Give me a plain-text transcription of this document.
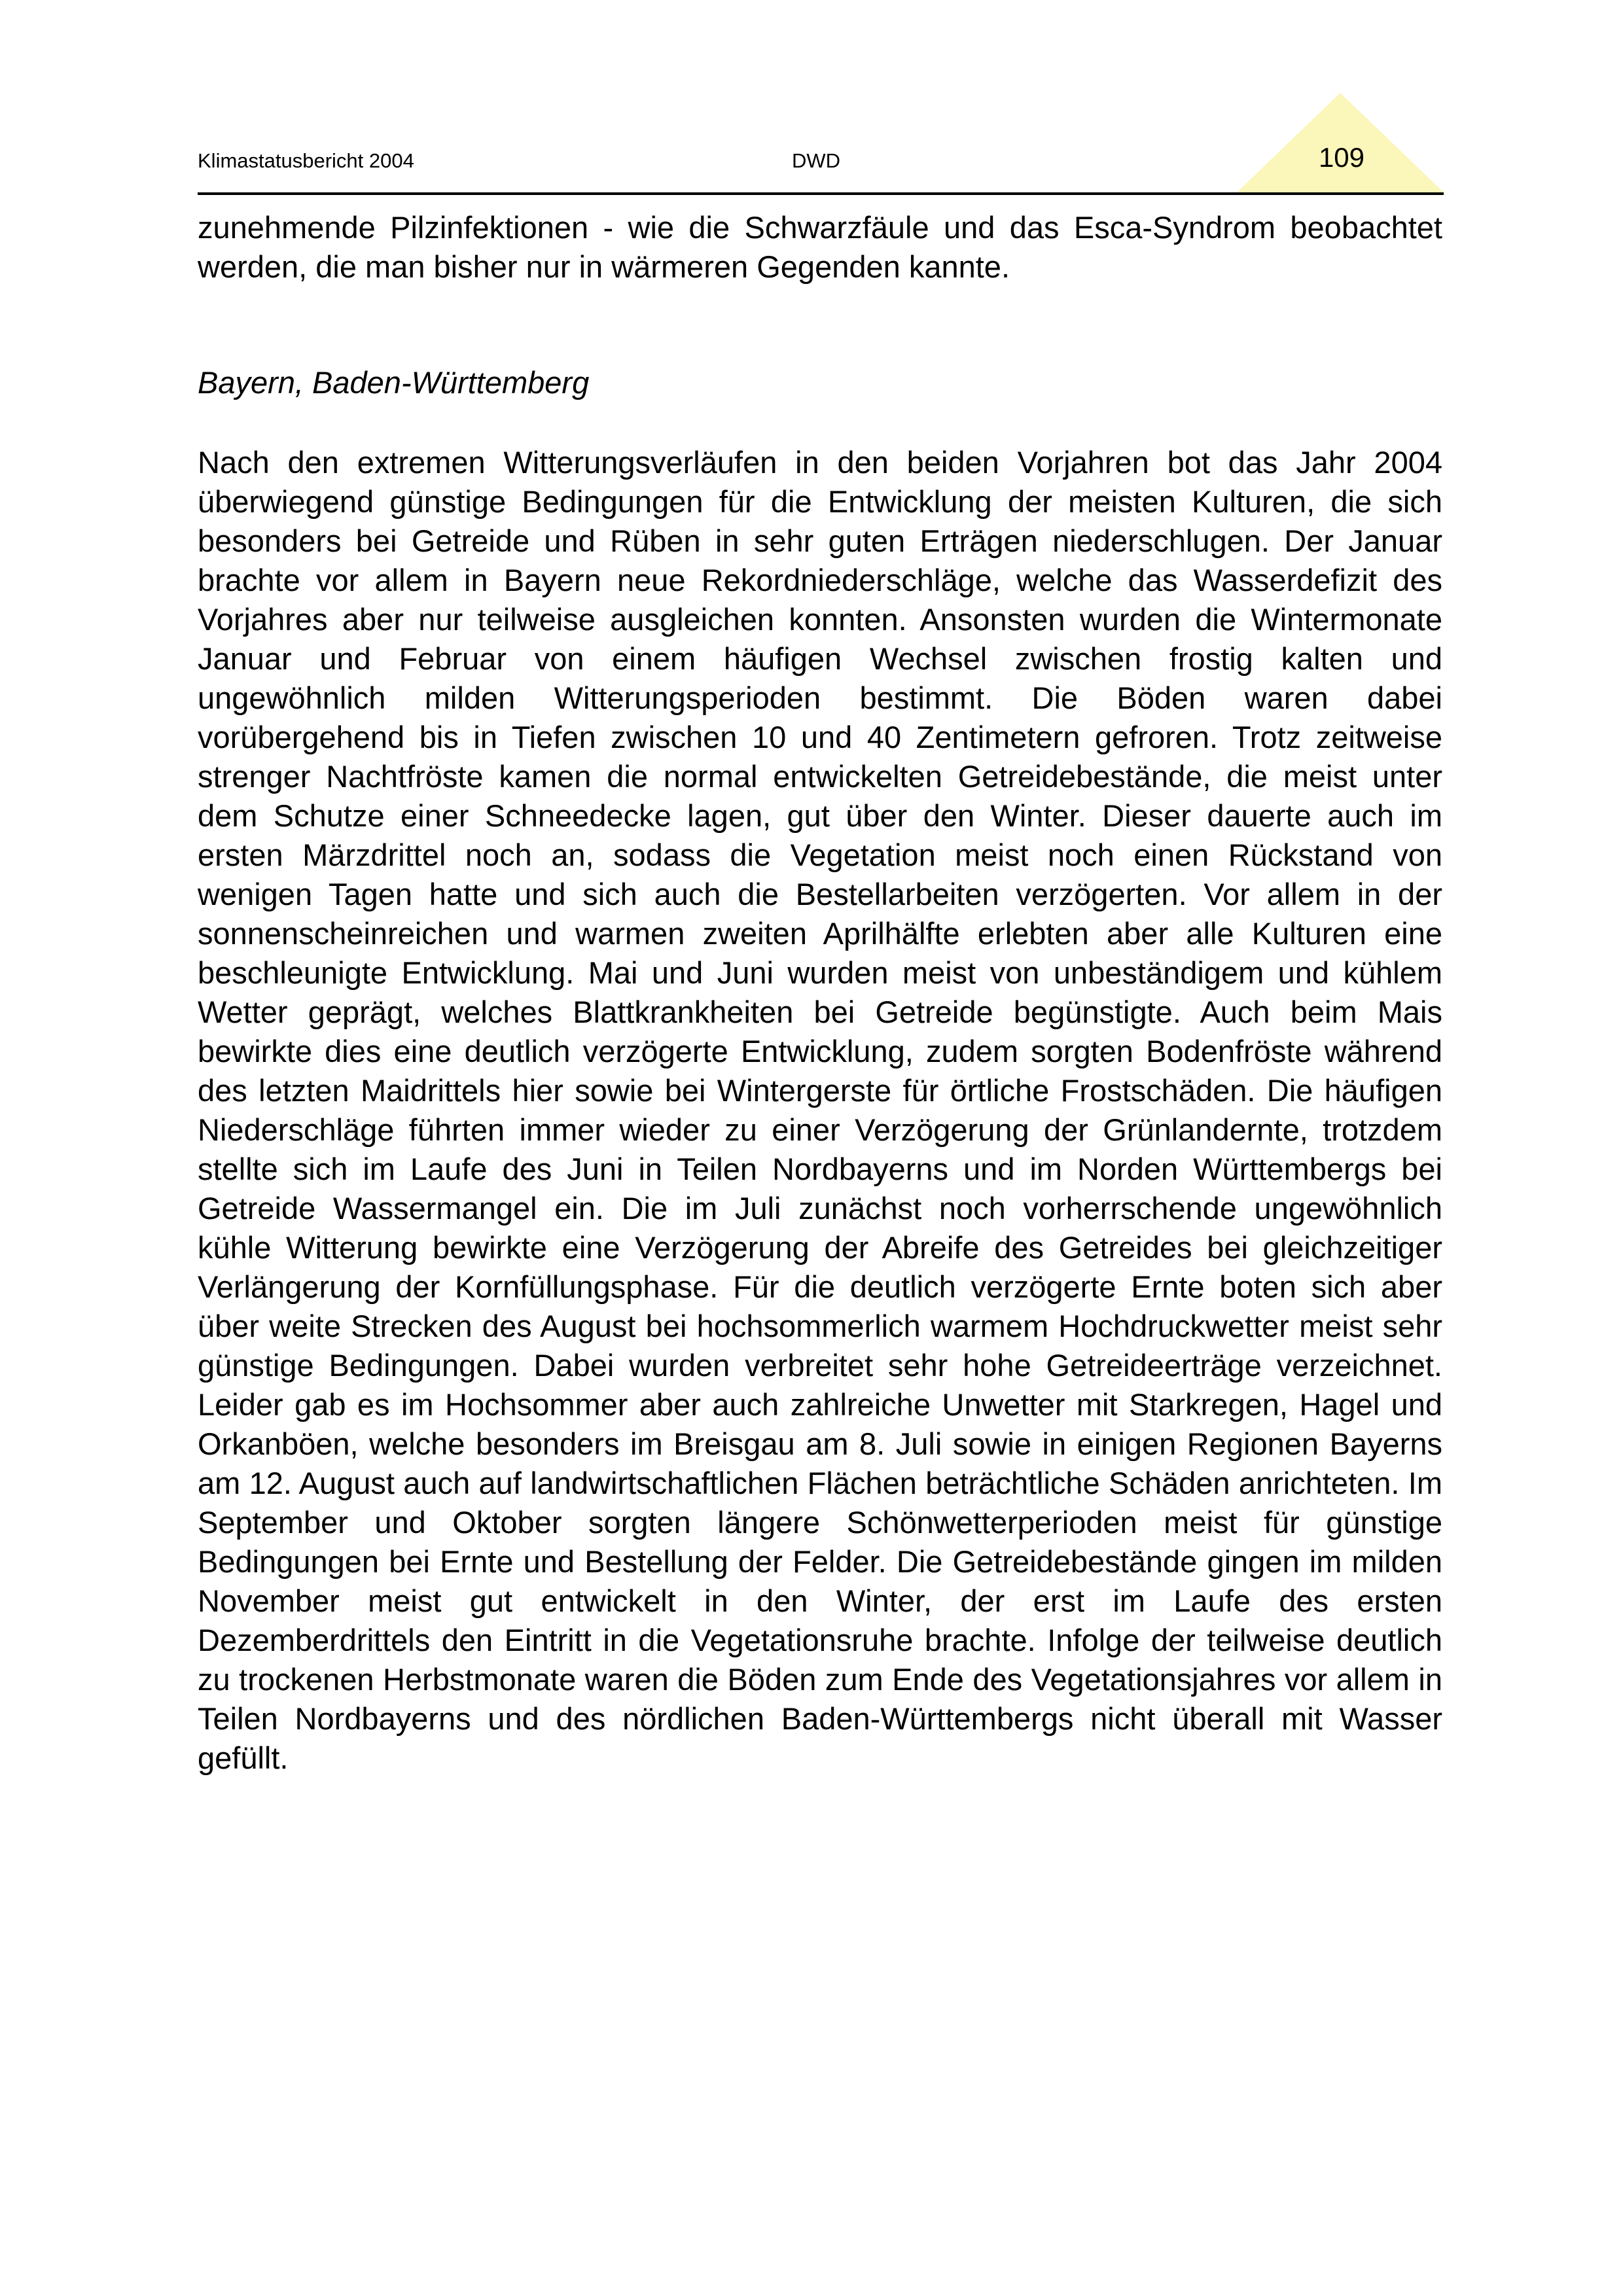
Klimastatusbericht 2004	DWD	109
zunehmende Pilzinfektionen - wie die Schwarzfäule und das Esca-Syndrom beobachtet werden, die man bisher nur in wärmeren Gegenden kannte.
Bayern, Baden-Württemberg
Nach den extremen Witterungsverläufen in den beiden Vorjahren bot das Jahr 2004 überwiegend günstige Bedingungen für die Entwicklung der meisten Kulturen, die sich besonders bei Getreide und Rüben in sehr guten Erträgen niederschlugen. Der Januar brachte vor allem in Bayern neue Rekordniederschläge, welche das Wasserdefizit des Vorjahres aber nur teilweise ausgleichen konnten. Ansonsten wurden die Wintermonate Januar und Februar von einem häufigen Wechsel zwischen frostig kalten und ungewöhnlich milden Witterungsperioden bestimmt. Die Böden waren dabei vorübergehend bis in Tiefen zwischen 10 und 40 Zentimetern gefroren. Trotz zeitweise strenger Nachtfröste kamen die normal entwickelten Getreidebestände, die meist unter dem Schutze einer Schneedecke lagen, gut über den Winter. Dieser dauerte auch im ersten Märzdrittel noch an, sodass die Vegetation meist noch einen Rückstand von wenigen Tagen hatte und sich auch die Bestellarbeiten verzögerten. Vor allem in der sonnenscheinreichen und warmen zweiten Aprilhälfte erlebten aber alle Kulturen eine beschleunigte Entwicklung. Mai und Juni wurden meist von unbeständigem und kühlem Wetter geprägt, welches Blattkrankheiten bei Getreide begünstigte. Auch beim Mais bewirkte dies eine deutlich verzögerte Entwicklung, zudem sorgten Bodenfröste während des letzten Maidrittels hier sowie bei Wintergerste für örtliche Frostschäden. Die häufigen Niederschläge führten immer wieder zu einer Verzögerung der Grünlandernte, trotzdem stellte sich im Laufe des Juni in Teilen Nordbayerns und im Norden Württembergs bei Getreide Wassermangel ein. Die im Juli zunächst noch vorherrschende ungewöhnlich kühle Witterung bewirkte eine Verzögerung der Abreife des Getreides bei gleichzeitiger Verlängerung der Kornfüllungsphase. Für die deutlich verzögerte Ernte boten sich aber über weite Strecken des August bei hochsommerlich warmem Hochdruckwetter meist sehr günstige Bedingungen. Dabei wurden verbreitet sehr hohe Getreideerträge verzeichnet. Leider gab es im Hochsommer aber auch zahlreiche Unwetter mit Starkregen, Hagel und Orkanböen, welche besonders im Breisgau am 8. Juli sowie in einigen Regionen Bayerns am 12. August auch auf landwirtschaftlichen Flächen beträchtliche Schäden anrichteten. Im September und Oktober sorgten längere Schönwetterperioden meist für günstige Bedingungen bei Ernte und Bestellung der Felder. Die Getreidebestände gingen im milden November meist gut entwickelt in den Winter, der erst im Laufe des ersten Dezemberdrittels den Eintritt in die Vegetationsruhe brachte. Infolge der teilweise deutlich zu trockenen Herbstmonate waren die Böden zum Ende des Vegetationsjahres vor allem in Teilen Nordbayerns und des nördlichen Baden-Württembergs nicht überall mit Wasser gefüllt.
